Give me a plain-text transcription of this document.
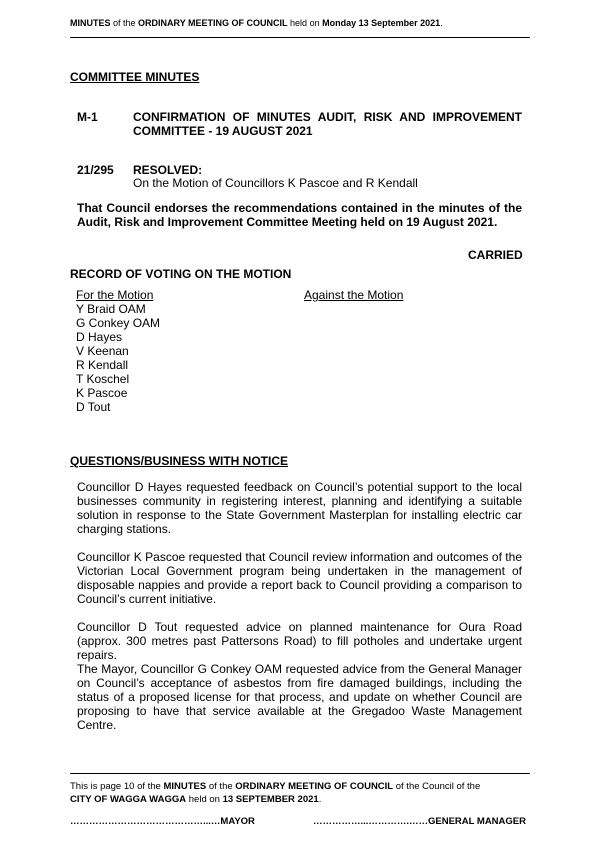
MINUTES of the ORDINARY MEETING OF COUNCIL held on Monday 13 September 2021.
COMMITTEE MINUTES
M-1	CONFIRMATION OF MINUTES AUDIT, RISK AND IMPROVEMENT COMMITTEE - 19 AUGUST 2021
21/295 RESOLVED:
On the Motion of Councillors K Pascoe and R Kendall
That Council endorses the recommendations contained in the minutes of the Audit, Risk and Improvement Committee Meeting held on 19 August 2021.
CARRIED
RECORD OF VOTING ON THE MOTION
For the Motion	Against the Motion
Y Braid OAM
G Conkey OAM
D Hayes
V Keenan
R Kendall
T Koschel
K Pascoe
D Tout
QUESTIONS/BUSINESS WITH NOTICE
Councillor D Hayes requested feedback on Council’s potential support to the local businesses community in registering interest, planning and identifying a suitable solution in response to the State Government Masterplan for installing electric car charging stations.
Councillor K Pascoe requested that Council review information and outcomes of the Victorian Local Government program being undertaken in the management of disposable nappies and provide a report back to Council providing a comparison to Council’s current initiative.
Councillor D Tout requested advice on planned maintenance for Oura Road (approx. 300 metres past Pattersons Road) to fill potholes and undertake urgent repairs.
The Mayor, Councillor G Conkey OAM requested advice from the General Manager on Council’s acceptance of asbestos from fire damaged buildings, including the status of a proposed license for that process, and update on whether Council are proposing to have that service available at the Gregadoo Waste Management Centre.
This is page 10 of the MINUTES of the ORDINARY MEETING OF COUNCIL of the Council of the
CITY OF WAGGA WAGGA held on 13 SEPTEMBER 2021.
……………………………………...…MAYOR	……………...………….……GENERAL MANAGER
